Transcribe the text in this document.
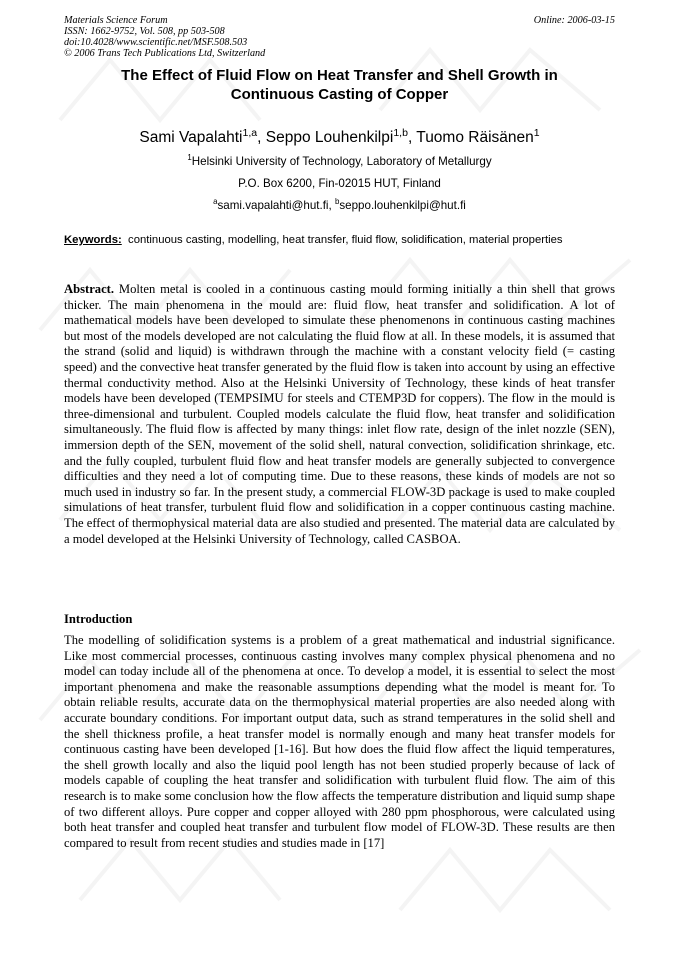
Materials Science Forum
ISSN: 1662-9752, Vol. 508, pp 503-508
doi:10.4028/www.scientific.net/MSF.508.503
© 2006 Trans Tech Publications Ltd, Switzerland
Online: 2006-03-15
The Effect of Fluid Flow on Heat Transfer and Shell Growth in
Continuous Casting of Copper
Sami Vapalahti$^{1,a}$, Seppo Louhenkilpi$^{1,b}$, Tuomo Räisänen$^1$
$^1$Helsinki University of Technology, Laboratory of Metallurgy
P.O. Box 6200, Fin-02015 HUT, Finland
$^a$sami.vapalahti@hut.fi, $^b$seppo.louhenkilpi@hut.fi
Keywords: continuous casting, modelling, heat transfer, fluid flow, solidification, material properties
Abstract. Molten metal is cooled in a continuous casting mould forming initially a thin shell that grows thicker. The main phenomena in the mould are: fluid flow, heat transfer and solidification. A lot of mathematical models have been developed to simulate these phenomenons in continuous casting machines but most of the models developed are not calculating the fluid flow at all. In these models, it is assumed that the strand (solid and liquid) is withdrawn through the machine with a constant velocity field (= casting speed) and the convective heat transfer generated by the fluid flow is taken into account by using an effective thermal conductivity method. Also at the Helsinki University of Technology, these kinds of heat transfer models have been developed (TEMPSIMU for steels and CTEMP3D for coppers). The flow in the mould is three-dimensional and turbulent. Coupled models calculate the fluid flow, heat transfer and solidification simultaneously. The fluid flow is affected by many things: inlet flow rate, design of the inlet nozzle (SEN), immersion depth of the SEN, movement of the solid shell, natural convection, solidification shrinkage, etc. and the fully coupled, turbulent fluid flow and heat transfer models are generally subjected to convergence difficulties and they need a lot of computing time. Due to these reasons, these kinds of models are not so much used in industry so far. In the present study, a commercial FLOW-3D package is used to make coupled simulations of heat transfer, turbulent fluid flow and solidification in a copper continuous casting machine. The effect of thermophysical material data are also studied and presented. The material data are calculated by a model developed at the Helsinki University of Technology, called CASBOA.
Introduction
The modelling of solidification systems is a problem of a great mathematical and industrial significance. Like most commercial processes, continuous casting involves many complex physical phenomena and no model can today include all of the phenomena at once. To develop a model, it is essential to select the most important phenomena and make the reasonable assumptions depending what the model is meant for. To obtain reliable results, accurate data on the thermophysical material properties are also needed along with accurate boundary conditions. For important output data, such as strand temperatures in the solid shell and the shell thickness profile, a heat transfer model is normally enough and many heat transfer models for continuous casting have been developed [1-16]. But how does the fluid flow affect the liquid temperatures, the shell growth locally and also the liquid pool length has not been studied properly because of lack of models capable of coupling the heat transfer and solidification with turbulent fluid flow. The aim of this research is to make some conclusion how the flow affects the temperature distribution and liquid sump shape of two different alloys. Pure copper and copper alloyed with 280 ppm phosphorous, were calculated using both heat transfer and coupled heat transfer and turbulent flow model of FLOW-3D. These results are then compared to result from recent studies and studies made in [17]
